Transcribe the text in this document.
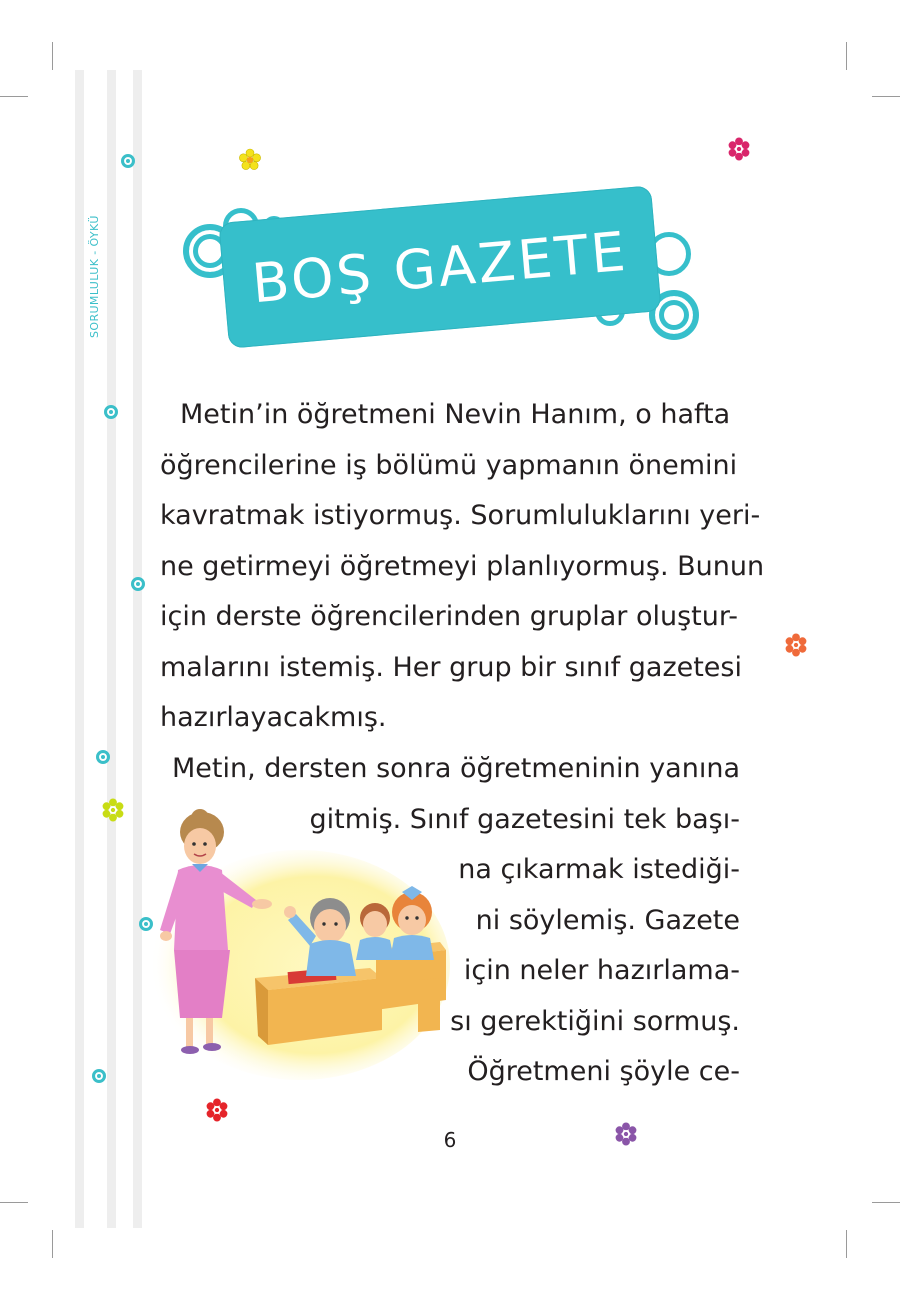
SORUMLULUK - ÖYKÜ	BOŞ GAZETE
Metin’in öğretmeni Nevin Hanım, o hafta
öğrencilerine iş bölümü yapmanın önemini
kavratmak istiyormuş. Sorumluluklarını yeri-
ne getirmeyi öğretmeyi planlıyormuş. Bunun
için derste öğrencilerinden gruplar oluştur-
malarını istemiş. Her grup bir sınıf gazetesi
hazırlayacakmış.
Metin, dersten sonra öğretmeninin yanına
gitmiş. Sınıf gazetesini tek başı-
na çıkarmak istediği-
ni söylemiş. Gazete
için neler hazırlama-
sı gerektiğini sormuş.
Öğretmeni şöyle ce-
6
